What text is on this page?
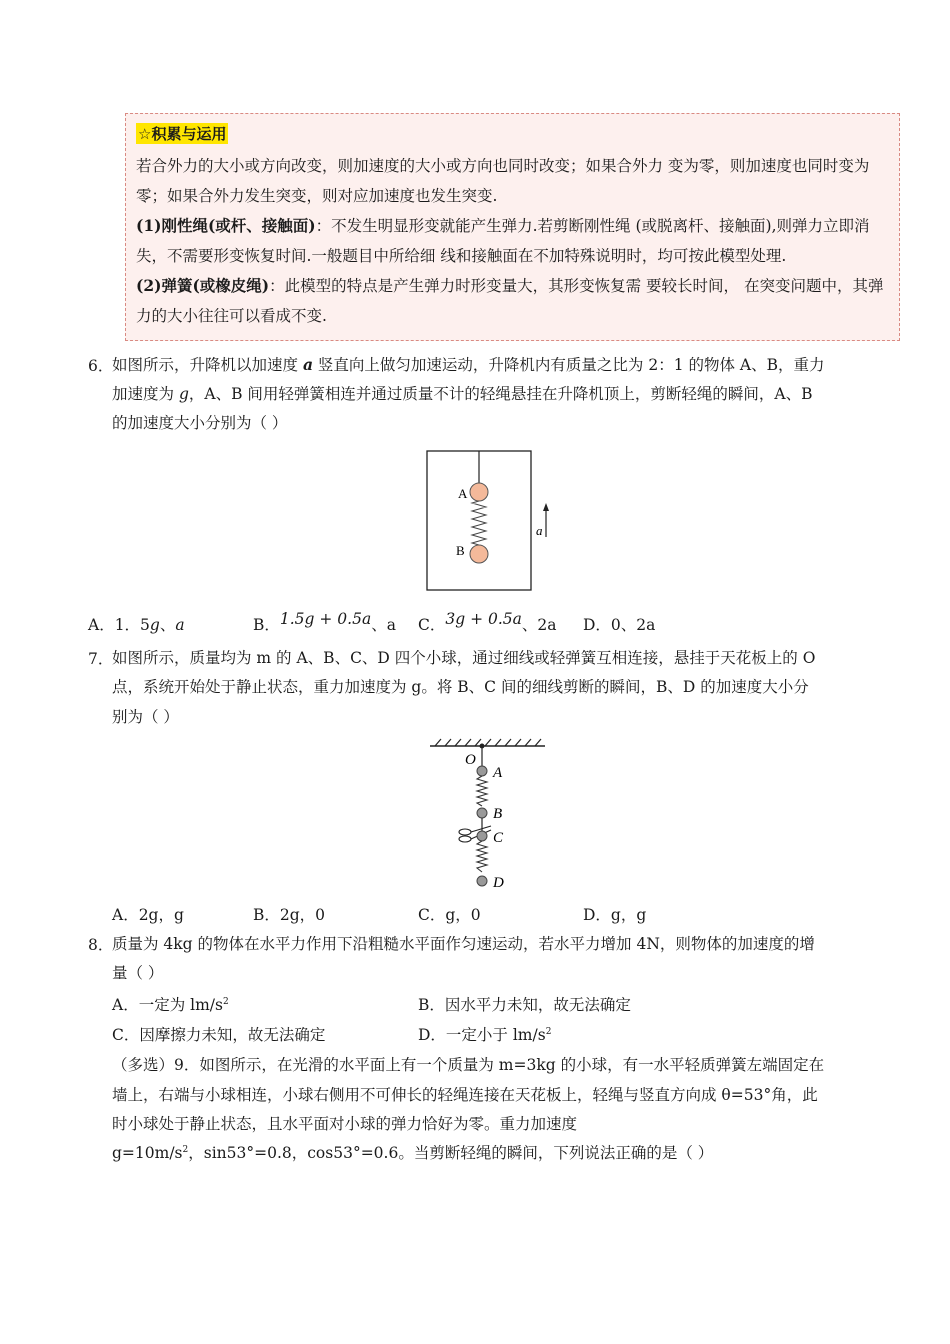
☆积累与运用

若合外力的大小或方向改变，则加速度的大小或方向也同时改变；如果合外力 变为零，则加速度也同时变为零；如果合外力发生突变，则对应加速度也发生突变.

(1)刚性绳(或杆、接触面)：不发生明显形变就能产生弹力.若剪断刚性绳 (或脱离杆、接触面),则弹力立即消失，不需要形变恢复时间.一般题目中所给细 线和接触面在不加特殊说明时，均可按此模型处理.

(2)弹簧(或橡皮绳)：此模型的特点是产生弹力时形变量大，其形变恢复需 要较长时间， 在突变问题中，其弹力的大小往往可以看成不变.

6．
如图所示，升降机以加速度 a 竖直向上做匀加速运动，升降机内有质量之比为 2：1 的物体 A、B，重力
加速度为 g，A、B 间用轻弹簧相连并通过质量不计的轻绳悬挂在升降机顶上，剪断轻绳的瞬间，A、B
的加速度大小分别为（ ）
A
B
a
A．1．5g、a	B．1.5g + 0.5a、a C．3g + 0.5a、2a D．0、2a
7．
如图所示，质量均为 m 的 A、B、C、D 四个小球，通过细线或轻弹簧互相连接，悬挂于天花板上的 O
点，系统开始处于静止状态，重力加速度为 g。将 B、C 间的细线剪断的瞬间，B、D 的加速度大小分
别为（ ）
O
A
B
C
D
A．2g，g	B．2g，0	C．g，0	D．g，g
8．
质量为 4kg 的物体在水平力作用下沿粗糙水平面作匀速运动，若水平力增加 4N，则物体的加速度的增
量（ ）
A．一定为 $lm/s^2$	B．因水平力未知，故无法确定
C．因摩擦力未知，故无法确定	D．一定小于 $lm/s^2$
（多选）9．如图所示，在光滑的水平面上有一个质量为 m=3kg 的小球，有一水平轻质弹簧左端固定在
墙上，右端与小球相连，小球右侧用不可伸长的轻绳连接在天花板上，轻绳与竖直方向成 θ=53°角，此
时小球处于静止状态，且水平面对小球的弹力恰好为零。重力加速度
$g=10m/s^2$，sin53°=0.8，cos53°=0.6。当剪断轻绳的瞬间，下列说法正确的是（ ）
